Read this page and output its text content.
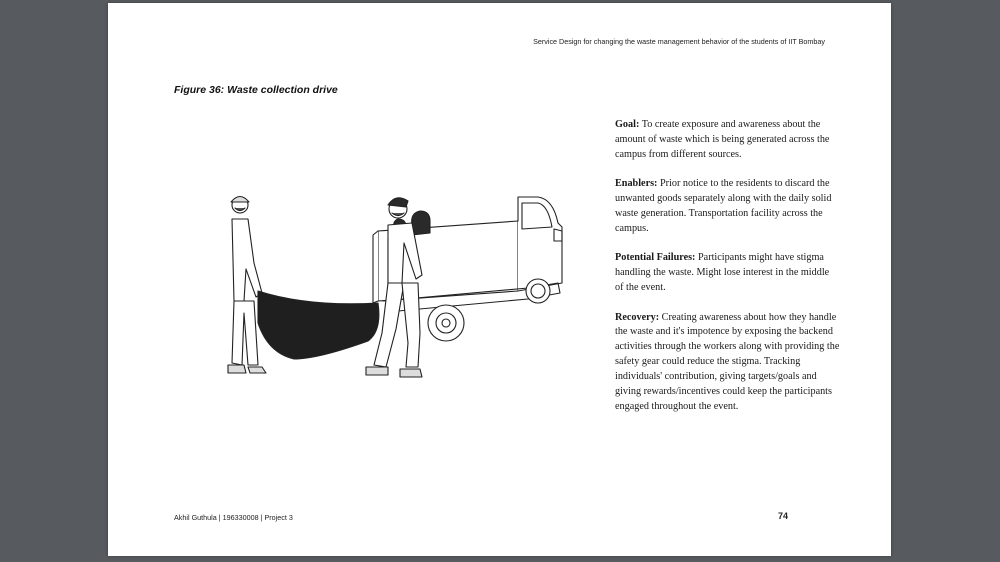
Service Design for changing the waste management behavior of the students of IIT Bombay
Figure 36: Waste collection drive

Goal: To create exposure and awareness about the amount of waste which is being generated across the campus from different sources.

Enablers: Prior notice to the residents to discard the unwanted goods separately along with the daily solid waste generation. Transportation facility across the campus.

Potential Failures: Participants might have stigma handling the waste. Might lose interest in the middle of the event.

Recovery: Creating awareness about how they handle the waste and it's impotence by exposing the backend activities through the workers along with providing the safety gear could reduce the stigma. Tracking individuals' contribution, giving targets/goals and giving rewards/incentives could keep the participants engaged throughout the event.

Akhil Guthula | 196330008 | Project 3	74
